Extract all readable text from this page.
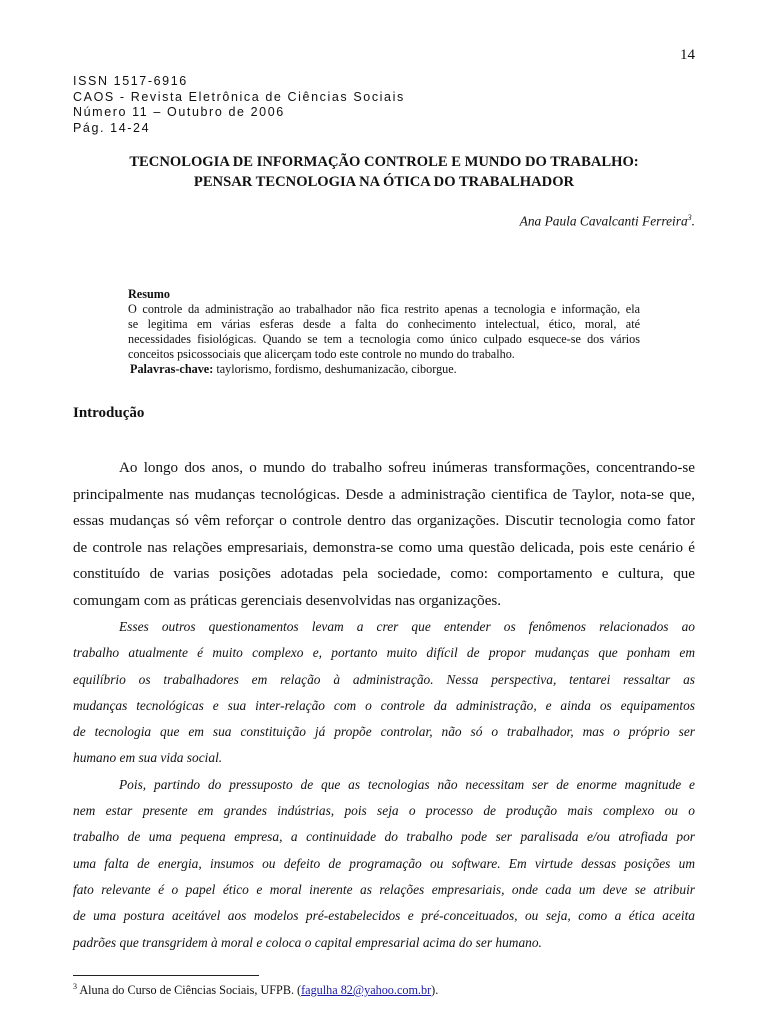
14
ISSN 1517-6916
CAOS - Revista Eletrônica de Ciências Sociais
Número 11 – Outubro de 2006
Pág. 14-24
TECNOLOGIA DE INFORMAÇÃO CONTROLE E MUNDO DO TRABALHO:
PENSAR TECNOLOGIA NA ÓTICA DO TRABALHADOR
Ana Paula Cavalcanti Ferreira$^3$.
Resumo
O controle da administração ao trabalhador não fica restrito apenas a tecnologia e informação, ela
se legitima em várias esferas desde a falta do conhecimento intelectual, ético, moral, até
necessidades fisiológicas. Quando se tem a tecnologia como único culpado esquece-se dos vários
conceitos psicossociais que alicerçam todo este controle no mundo do trabalho.
Palavras-chave: taylorismo, fordismo, deshumanizacão, ciborgue.
Introdução
Ao longo dos anos, o mundo do trabalho sofreu inúmeras transformações, concentrando-se
principalmente nas mudanças tecnológicas. Desde a administração cientifica de Taylor, nota-se que,
essas mudanças só vêm reforçar o controle dentro das organizações. Discutir tecnologia como fator
de controle nas relações empresariais, demonstra-se como uma questão delicada, pois este cenário é
constituído de varias posições adotadas pela sociedade, como: comportamento e cultura, que
comungam com as práticas gerenciais desenvolvidas nas organizações.
Esses outros questionamentos levam a crer que entender os fenômenos relacionados ao
trabalho atualmente é muito complexo e, portanto muito difícil de propor mudanças que ponham em
equilíbrio os trabalhadores em relação à administração. Nessa perspectiva, tentarei ressaltar as
mudanças tecnológicas e sua inter-relação com o controle da administração, e ainda os equipamentos
de tecnologia que em sua constituição já propõe controlar, não só o trabalhador, mas o próprio ser
humano em sua vida social.
Pois, partindo do pressuposto de que as tecnologias não necessitam ser de enorme magnitude e
nem estar presente em grandes indústrias, pois seja o processo de produção mais complexo ou o
trabalho de uma pequena empresa, a continuidade do trabalho pode ser paralisada e/ou atrofiada por
uma falta de energia, insumos ou defeito de programação ou software. Em virtude dessas posições um
fato relevante é o papel ético e moral inerente as relações empresariais, onde cada um deve se atribuir
de uma postura aceitável aos modelos pré-estabelecidos e pré-conceituados, ou seja, como a ética aceita
padrões que transgridem à moral e coloca o capital empresarial acima do ser humano.
$^3$ Aluna do Curso de Ciências Sociais, UFPB. (fagulha 82@yahoo.com.br).
